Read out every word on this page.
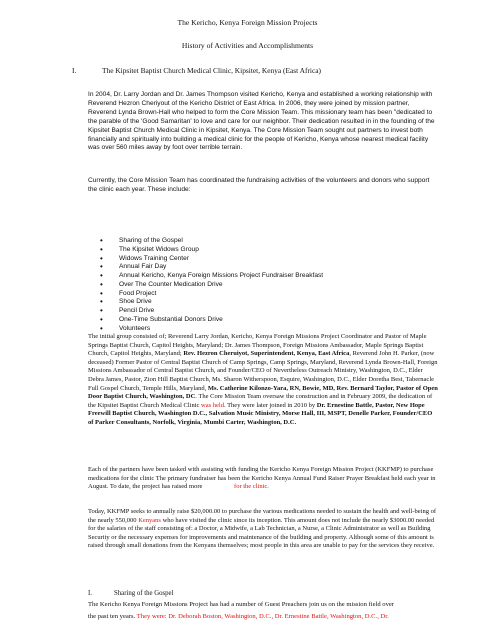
The Kericho, Kenya Foreign Mission Projects
History of Activities and Accomplishments
I.	The Kipsitet Baptist Church Medical Clinic, Kipsitet, Kenya (East Africa)

In 2004, Dr. Larry Jordan and Dr. James Thompson visited Kericho, Kenya and established a working relationship with Reverend Hezron Cheriyout of the Kericho District of East Africa. In 2006, they were joined by mission partner, Reverend Lynda Brown-Hall who helped to form the Core Mission Team. This missionary team has been "dedicated to the parable of the 'Good Samaritan' to love and care for our neighbor. Their dedication resulted in in the founding of the Kipsitet Baptist Church Medical Clinic in Kipsitet, Kenya. The Core Mission Team sought out partners to invest both financially and spiritually into building a medical clinic for the people of Kericho, Kenya whose nearest medical facility was over 560 miles away by foot over terrible terrain.

Currently, the Core Mission Team has coordinated the fundraising activities of the volunteers and donors who support the clinic each year. These include:

• Sharing of the Gospel
• The Kipsitet Widows Group
• Widows Training Center
• Annual Fair Day
• Annual Kericho, Kenya Foreign Missions Project Fundraiser Breakfast
• Over The Counter Medication Drive
• Food Project
• Shoe Drive
• Pencil Drive
• One-Time Substantial Donors Drive
• Volunteers

The initial group consisted of; Reverend Larry Jordan, Kericho, Kenya Foreign Missions Project Coordinator and Pastor of Maple Springs Baptist Church, Capitol Heights, Maryland; Dr. James Thompson, Foreign Missions Ambassador, Maple Springs Baptist Church, Capitol Heights, Maryland; Rev. Hezron Cheruiyot, Superintendent, Kenya, East Africa, Reverend John H. Parker, (now deceased) Former Pastor of Central Baptist Church of Camp Springs, Camp Springs, Maryland, Reverend Lynda Brown-Hall, Foreign Missions Ambassador of Central Baptist Church, and Founder/CEO of Nevertheless Outreach Ministry, Washington, D.C., Elder Debra James, Pastor, Zion Hill Baptist Church, Ms. Sharon Witherspoon, Esquire, Washington, D.C., Elder Doretha Best, Tabernacle Full Gospel Church, Temple Hills, Maryland, Ms. Catherine Kilonzo-Yara, RN, Bowie, MD, Rev. Bernard Taylor, Pastor of Open Door Baptist Church, Washington, DC. The Core Mission Team oversaw the construction and in February 2009, the dedication of the Kipsitet Baptist Church Medical Clinic was held. They were later joined in 2010 by Dr. Ernestine Battle, Pastor, New Hope Freewill Baptist Church, Washington D.C., Salvation Music Ministry, Morse Hall, III, MSPT, Denelle Parker, Founder/CEO of Parker Consultants, Norfolk, Virginia, Mumbi Carter, Washington, D.C.

Each of the partners have been tasked with assisting with funding the Kericho Kenya Foreign Mission Project (KKFMP) to purchase medications for the clinic The primary fundraiser has been the Kericho Kenya Annual Fund Raiser Prayer Breakfast held each year in August. To date, the project has raised more	for the clinic.

Today, KKFMP seeks to annually raise $20,000.00 to purchase the various medications needed to sustain the health and well-being of the nearly 550,000 Kenyans who have visited the clinic since its inception. This amount does not include the nearly $3000.00 needed for the salaries of the staff consisting of: a Doctor, a Midwife, a Lab Technician, a Nurse, a Clinic Administrator as well as Building Security or the necessary expenses for improvements and maintenance of the building and property. Although some of this amount is raised through small donations from the Kenyans themselves; most people in this area are unable to pay for the services they receive.

I.	Sharing of the Gospel

The Kericho Kenya Foreign Missions Project has had a number of Guest Preachers join us on the mission field over

the past ten years. They were: Dr. Deborah Boston, Washington, D.C., Dr. Ernestine Battle, Washington, D.C., Dr.
